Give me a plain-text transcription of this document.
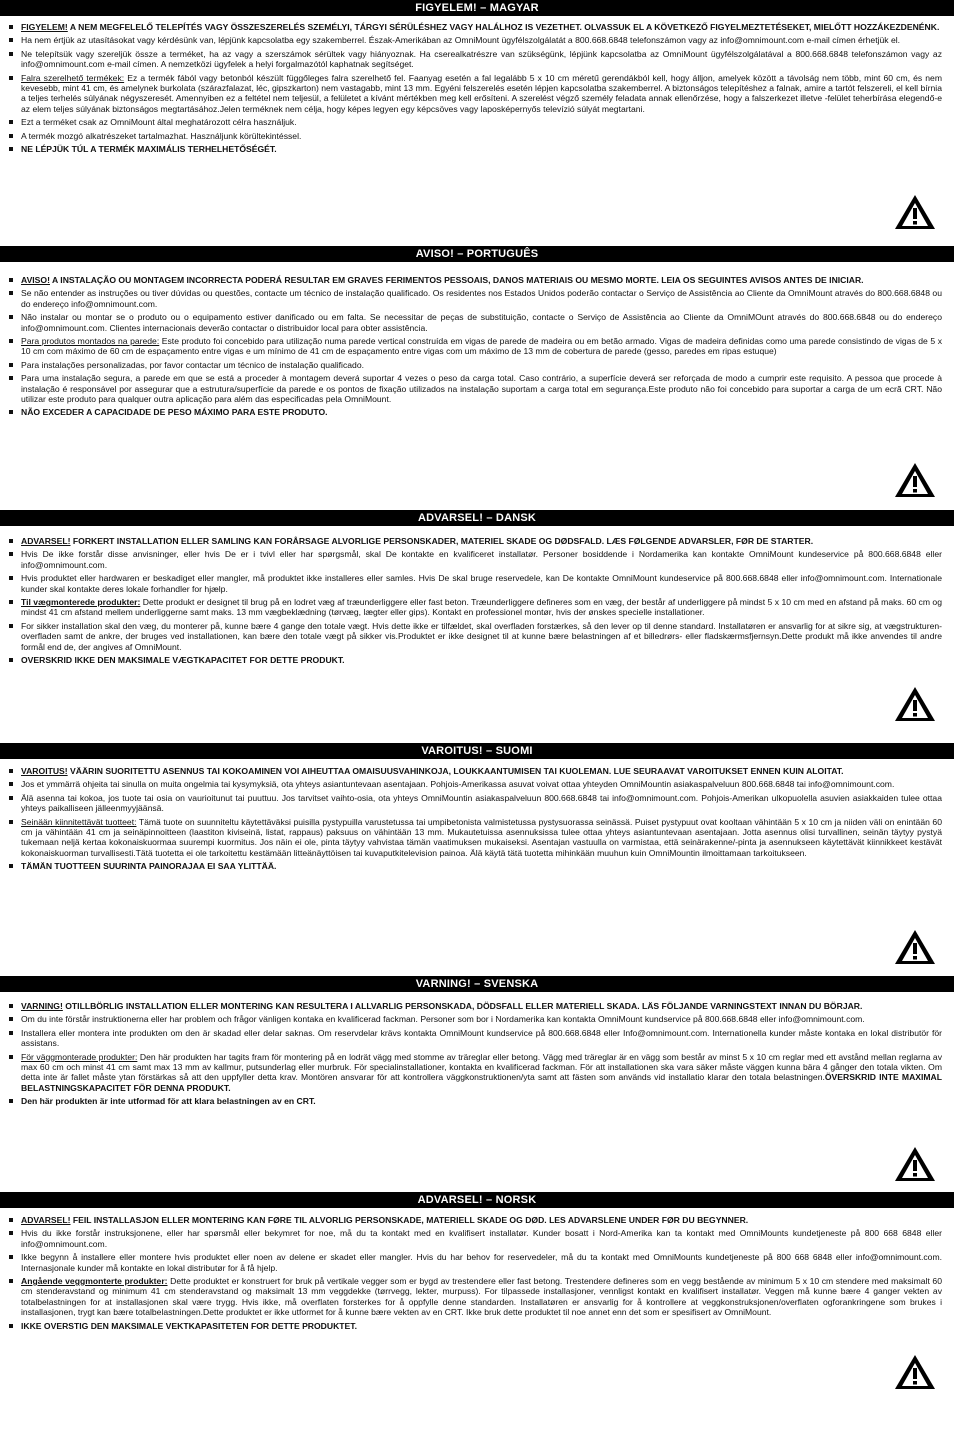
FIGYELEM! – MAGYAR
FIGYELEM! A NEM MEGFELELŐ TELEPÍTÉS VAGY ÖSSZESZERELÉS SZEMÉLYI, TÁRGYI SÉRÜLÉSHEZ VAGY HALÁLHOZ IS VEZETHET. OLVASSUK EL A KÖVETKEZŐ FIGYELMEZTETÉSEKET, MIELŐTT HOZZÁKEZDENÉNK.
Ha nem értjük az utasításokat vagy kérdésünk van, lépjünk kapcsolatba egy szakemberrel. Észak-Amerikában az OmniMount ügyfélszolgálatát a 800.668.6848 telefonszámon vagy az info@omnimount.com e-mail címen érhetjük el.
Ne telepítsük vagy szereljük össze a terméket, ha az vagy a szerszámok sérültek vagy hiányoznak. Ha cserealkatrészre van szükségünk, lépjünk kapcsolatba az OmniMount ügyfélszolgálatával a 800.668.6848 telefonszámon vagy az info@omnimount.com e-mail címen. A nemzetközi ügyfelek a helyi forgalmazótól kaphatnak segítséget.
Falra szerelhető termékek: Ez a termék fából vagy betonból készült függőleges falra szerelhető fel. Faanyag esetén a fal legalább 5 x 10 cm méretű gerendákból kell, hogy álljon, amelyek között a távolság nem több, mint 60 cm, és nem kevesebb, mint 41 cm, és amelynek burkolata (szárazfalazat, léc, gipszkarton) nem vastagabb, mint 13 mm. Egyéni felszerelés esetén lépjen kapcsolatba szakemberrel. A biztonságos telepítéshez a falnak, amire a tartót felszereli, el kell bírnia a teljes terhelés súlyának négyszeresét. Amennyiben ez a feltétel nem teljesül, a felületet a kívánt mértékben meg kell erősíteni. A szerelést végző személy feladata annak ellenőrzése, hogy a falszerkezet illetve -felület teherbírása elegendő-e az elem teljes súlyának biztonságos megtartásához.Jelen terméknek nem célja, hogy képes legyen egy képcsöves vagy laposképernyős televízió súlyát megtartani.
Ezt a terméket csak az OmniMount által meghatározott célra használjuk.
A termék mozgó alkatrészeket tartalmazhat. Használjunk körültekintéssel.
NE LÉPJÜK TÚL A TERMÉK MAXIMÁLIS TERHELHETŐSÉGÉT.
AVISO! – PORTUGUÊS
AVISO! A INSTALAÇÃO OU MONTAGEM INCORRECTA PODERÁ RESULTAR EM GRAVES FERIMENTOS PESSOAIS, DANOS MATERIAIS OU MESMO MORTE. LEIA OS SEGUINTES AVISOS ANTES DE INICIAR.
Se não entender as instruções ou tiver dúvidas ou questões, contacte um técnico de instalação qualificado. Os residentes nos Estados Unidos poderão contactar o Serviço de Assistência ao Cliente da OmniMount através do 800.668.6848 ou do endereço info@omnimount.com.
Não instalar ou montar se o produto ou o equipamento estiver danificado ou em falta. Se necessitar de peças de substituição, contacte o Serviço de Assistência ao Cliente da OmniMOunt através do 800.668.6848 ou do endereço info@omnimount.com. Clientes internacionais deverão contactar o distribuidor local para obter assistência.
Para produtos montados na parede: Este produto foi concebido para utilização numa parede vertical construída em vigas de parede de madeira ou em betão armado. Vigas de madeira definidas como uma parede consistindo de vigas de 5 x 10 cm com máximo de 60 cm de espaçamento entre vigas e um mínimo de 41 cm de espaçamento entre vigas com um máximo de 13 mm de cobertura de parede (gesso, paredes em ripas estuque)
Para instalações personalizadas, por favor contactar um técnico de instalação qualificado.
Para uma instalação segura, a parede em que se está a proceder à montagem deverá suportar 4 vezes o peso da carga total. Caso contrário, a superfície deverá ser reforçada de modo a cumprir este requisito. A pessoa que procede à instalação é responsável por assegurar que a estrutura/superfície da parede e os pontos de fixação utilizados na instalação suportam a carga total em segurança.Este produto não foi concebido para suportar a carga de um ecrã CRT. Não utilizar este produto para qualquer outra aplicação para além das especificadas pela OmniMount.
NÃO EXCEDER A CAPACIDADE DE PESO MÁXIMO PARA ESTE PRODUTO.
ADVARSEL! – DANSK
ADVARSEL! FORKERT INSTALLATION ELLER SAMLING KAN FORÅRSAGE ALVORLIGE PERSONSKADER, MATERIEL SKADE OG DØDSFALD. LÆS FØLGENDE ADVARSLER, FØR DE STARTER.
Hvis De ikke forstår disse anvisninger, eller hvis De er i tvivl eller har spørgsmål, skal De kontakte en kvalificeret installatør. Personer bosiddende i Nordamerika kan kontakte OmniMount kundeservice på 800.668.6848 eller info@omnimount.com.
Hvis produktet eller hardwaren er beskadiget eller mangler, må produktet ikke installeres eller samles. Hvis De skal bruge reservedele, kan De kontakte OmniMount kundeservice på 800.668.6848 eller info@omnimount.com. Internationale kunder skal kontakte deres lokale forhandler for hjælp.
Til vægmonterede produkter: Dette produkt er designet til brug på en lodret væg af træunderliggere eller fast beton. Træunderliggere defineres som en væg, der består af underliggere på mindst 5 x 10 cm med en afstand på maks. 60 cm og mindst 41 cm afstand mellem underliggerne samt maks. 13 mm vægbeklædning (tørvæg, lægter eller gips). Kontakt en professionel montør, hvis der ønskes specielle installationer.
For sikker installation skal den væg, du monterer på, kunne bære 4 gange den totale vægt. Hvis dette ikke er tilfældet, skal overfladen forstærkes, så den lever op til denne standard. Installatøren er ansvarlig for at sikre sig, at vægstrukturen-overfladen samt de ankre, der bruges ved installationen, kan bære den totale vægt på sikker vis.Produktet er ikke designet til at kunne bære belastningen af et billedrørs- eller fladskærmsfjernsyn.Dette produkt må ikke anvendes til andre formål end de, der angives af OmniMount.
OVERSKRID IKKE DEN MAKSIMALE VÆGTKAPACITET FOR DETTE PRODUKT.
VAROITUS! – SUOMI
VAROITUS! VÄÄRIN SUORITETTU ASENNUS TAI KOKOAMINEN VOI AIHEUTTAA OMAISUUSVAHINKOJA, LOUKKAANTUMISEN TAI KUOLEMAN. LUE SEURAAVAT VAROITUKSET ENNEN KUIN ALOITAT.
Jos et ymmärrä ohjeita tai sinulla on muita ongelmia tai kysymyksiä, ota yhteys asiantuntevaan asentajaan. Pohjois-Amerikassa asuvat voivat ottaa yhteyden OmniMountin asiakaspalveluun 800.668.6848 tai info@omnimount.com.
Älä asenna tai kokoa, jos tuote tai osia on vaurioitunut tai puuttuu. Jos tarvitset vaihto-osia, ota yhteys OmniMountin asiakaspalveluun 800.668.6848 tai info@omnimount.com. Pohjois-Amerikan ulkopuolella asuvien asiakkaiden tulee ottaa yhteys paikalliseen jälleenmyyjäänsä.
Seinään kiinnitettävät tuotteet: Tämä tuote on suunniteltu käytettäväksi puisilla pystypuilla varustetussa tai umpibetonista valmistetussa pystysuorassa seinässä. Puiset pystypuut ovat kooltaan vähintään 5 x 10 cm ja niiden väli on enintään 60 cm ja vähintään 41 cm ja seinäpinnoitteen (laastiton kiviseinä, listat, rappaus) paksuus on vähintään 13 mm. Mukautetuissa asennuksissa tulee ottaa yhteys asiantuntevaan asentajaan. Jotta asennus olisi turvallinen, seinän täytyy pystyä tukemaan neljä kertaa kokonaiskuormaa suurempi kuormitus. Jos näin ei ole, pinta täytyy vahvistaa tämän vaatimuksen mukaiseksi. Asentajan vastuulla on varmistaa, että seinärakenne/-pinta ja asennukseen käytettävät kiinnikkeet kestävät kokonaiskuorman turvallisesti.Tätä tuotetta ei ole tarkoitettu kestämään litteänäyttöisen tai kuvaputkitelevision painoa. Älä käytä tätä tuotetta mihinkään muuhun kuin OmniMountin ilmoittamaan tarkoitukseen.
TÄMÄN TUOTTEEN SUURINTA PAINORAJAA EI SAA YLITTÄÄ.
VARNING! – SVENSKA
VARNING! OTILLBÖRLIG INSTALLATION ELLER MONTERING KAN RESULTERA I ALLVARLIG PERSONSKADA, DÖDSFALL ELLER MATERIELL SKADA. LÄS FÖLJANDE VARNINGSTEXT INNAN DU BÖRJAR.
Om du inte förstår instruktionerna eller har problem och frågor vänligen kontaka en kvalificerad fackman. Personer som bor i Nordamerika kan kontakta OmniMount kundservice på 800.668.6848 eller info@omnimount.com.
Installera eller montera inte produkten om den är skadad eller delar saknas. Om reservdelar krävs kontakta OmniMount kundservice på 800.668.6848 eller Info@omnimount.com. Internationella kunder måste kontaka en lokal distributör för assistans.
För väggmonterade produkter: Den här produkten har tagits fram för montering på en lodrät vägg med stomme av träreglar eller betong. Vägg med träreglar är en vägg som består av minst 5 x 10 cm reglar med ett avstånd mellan reglarna av max 60 cm och minst 41 cm samt max 13 mm av kallmur, putsunderlag eller murbruk. För specialinstallationer, kontakta en kvalificerad fackman. För att installationen ska vara säker måste väggen kunna bära 4 gånger den totala vikten. Om detta inte är fallet måste ytan förstärkas så att den uppfyller detta krav. Montören ansvarar för att kontrollera väggkonstruktionen/yta samt att fästen som används vid installatio klarar den totala belastningen.ÖVERSKRID INTE MAXIMAL BELASTNINGSKAPACITET FÖR DENNA PRODUKT.
Den här produkten är inte utformad för att klara belastningen av en CRT.
ADVARSEL! – NORSK
ADVARSEL! FEIL INSTALLASJON ELLER MONTERING KAN FØRE TIL ALVORLIG PERSONSKADE, MATERIELL SKADE OG DØD. LES ADVARSLENE UNDER FØR DU BEGYNNER.
Hvis du ikke forstår instruksjonene, eller har spørsmål eller bekymret for noe, må du ta kontakt med en kvalifisert installatør. Kunder bosatt i Nord-Amerika kan ta kontakt med OmniMounts kundetjeneste på 800 668 6848 eller info@omnimount.com.
Ikke begynn å installere eller montere hvis produktet eller noen av delene er skadet eller mangler. Hvis du har behov for reservedeler, må du ta kontakt med OmniMounts kundetjeneste på 800 668 6848 eller info@omnimount.com. Internasjonale kunder må kontakte en lokal distributør for å få hjelp.
Angående veggmonterte produkter: Dette produktet er konstruert for bruk på vertikale vegger som er bygd av trestendere eller fast betong. Trestendere defineres som en vegg bestående av minimum 5 x 10 cm stendere med maksimalt 60 cm stenderavstand og minimum 41 cm stenderavstand og maksimalt 13 mm veggdekke (tørrvegg, lekter, murpuss). For tilpassede installasjoner, vennligst kontakt en kvalifisert installatør. Veggen må kunne bære 4 ganger vekten av totalbelastningen for at installasjonen skal være trygg. Hvis ikke, må overflaten forsterkes for å oppfylle denne standarden. Installatøren er ansvarlig for å kontrollere at veggkonstruksjonen/overflaten ogforankringene som brukes i installasjonen, trygt kan bære totalbelastningen.Dette produktet er ikke utformet for å kunne bære vekten av en CRT. Ikke bruk dette produktet til noe annet enn det som er spesifisert av OmniMount.
IKKE OVERSTIG DEN MAKSIMALE VEKTKAPASITETEN FOR DETTE PRODUKTET.
